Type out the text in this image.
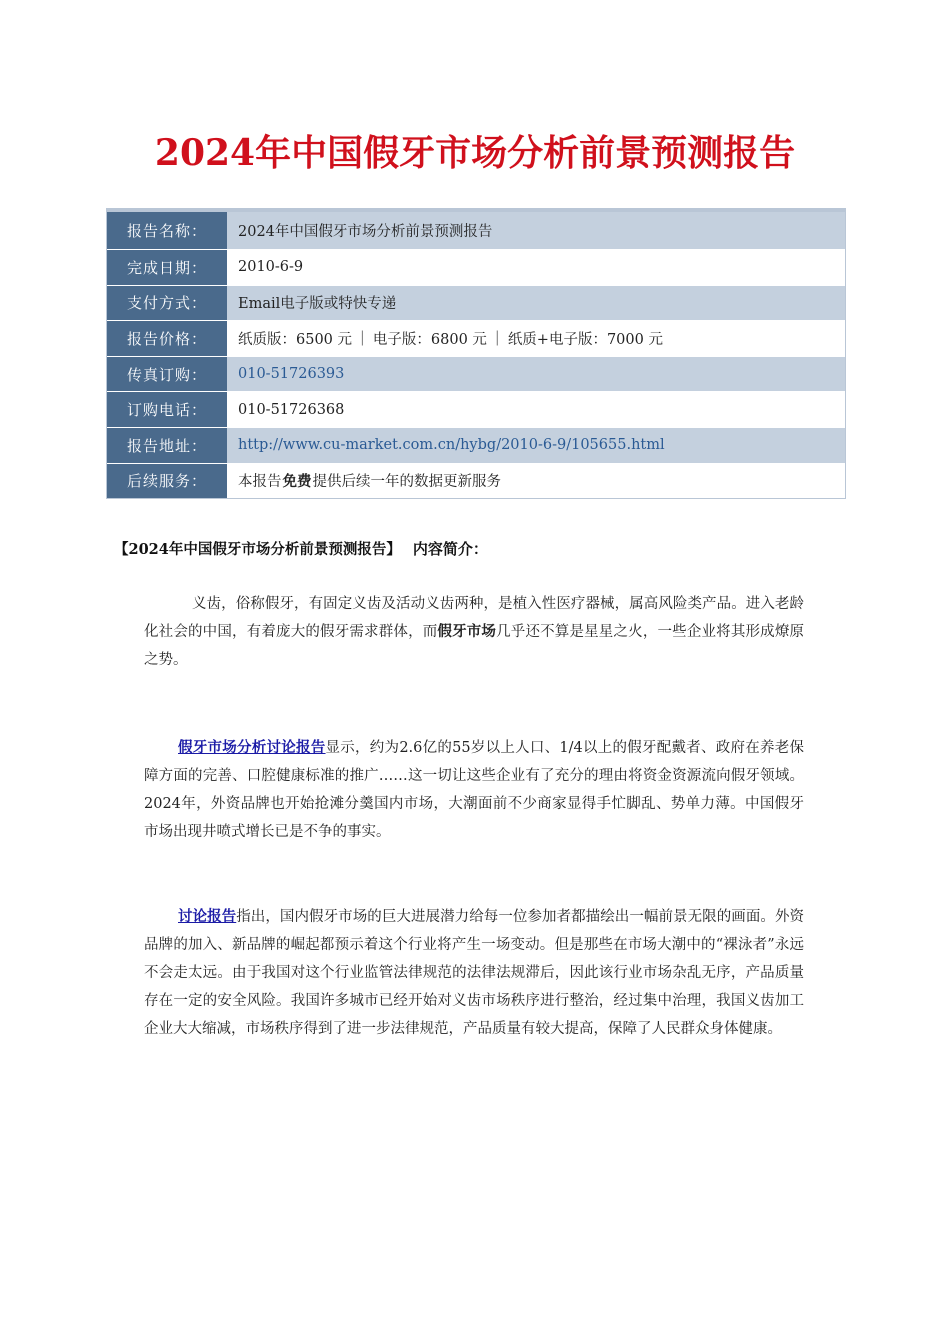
2024年中国假牙市场分析前景预测报告
报告名称：	2024年中国假牙市场分析前景预测报告
完成日期：	2010-6-9
支付方式：	Email电子版或特快专递
报告价格：	纸质版：6500 元 | 电子版：6800 元 | 纸质+电子版：7000 元
传真订购：	010-51726393
订购电话：	010-51726368
报告地址：	http://www.cu-market.com.cn/hybg/2010-6-9/105655.html
后续服务：	本报告 免费 提供后续一年的数据更新服务
【2024年中国假牙市场分析前景预测报告】 内容简介：
义齿，俗称假牙，有固定义齿及活动义齿两种，是植入性医疗器械，属高风险类产品。进入老龄化社会的中国，有着庞大的假牙需求群体，而假牙市场几乎还不算是星星之火，一些企业将其形成燎原之势。
假牙市场分析讨论报告显示，约为2.6亿的55岁以上人口、1/4以上的假牙配戴者、政府在养老保障方面的完善、口腔健康标准的推广……这一切让这些企业有了充分的理由将资金资源流向假牙领域。2024年，外资品牌也开始抢滩分羹国内市场，大潮面前不少商家显得手忙脚乱、势单力薄。中国假牙市场出现井喷式增长已是不争的事实。
讨论报告指出，国内假牙市场的巨大进展潜力给每一位参加者都描绘出一幅前景无限的画面。外资品牌的加入、新品牌的崛起都预示着这个行业将产生一场变动。但是那些在市场大潮中的“裸泳者”永远不会走太远。由于我国对这个行业监管法律规范的法律法规滞后，因此该行业市场杂乱无序，产品质量存在一定的安全风险。我国许多城市已经开始对义齿市场秩序进行整治，经过集中治理，我国义齿加工企业大大缩减，市场秩序得到了进一步法律规范，产品质量有较大提高，保障了人民群众身体健康。
